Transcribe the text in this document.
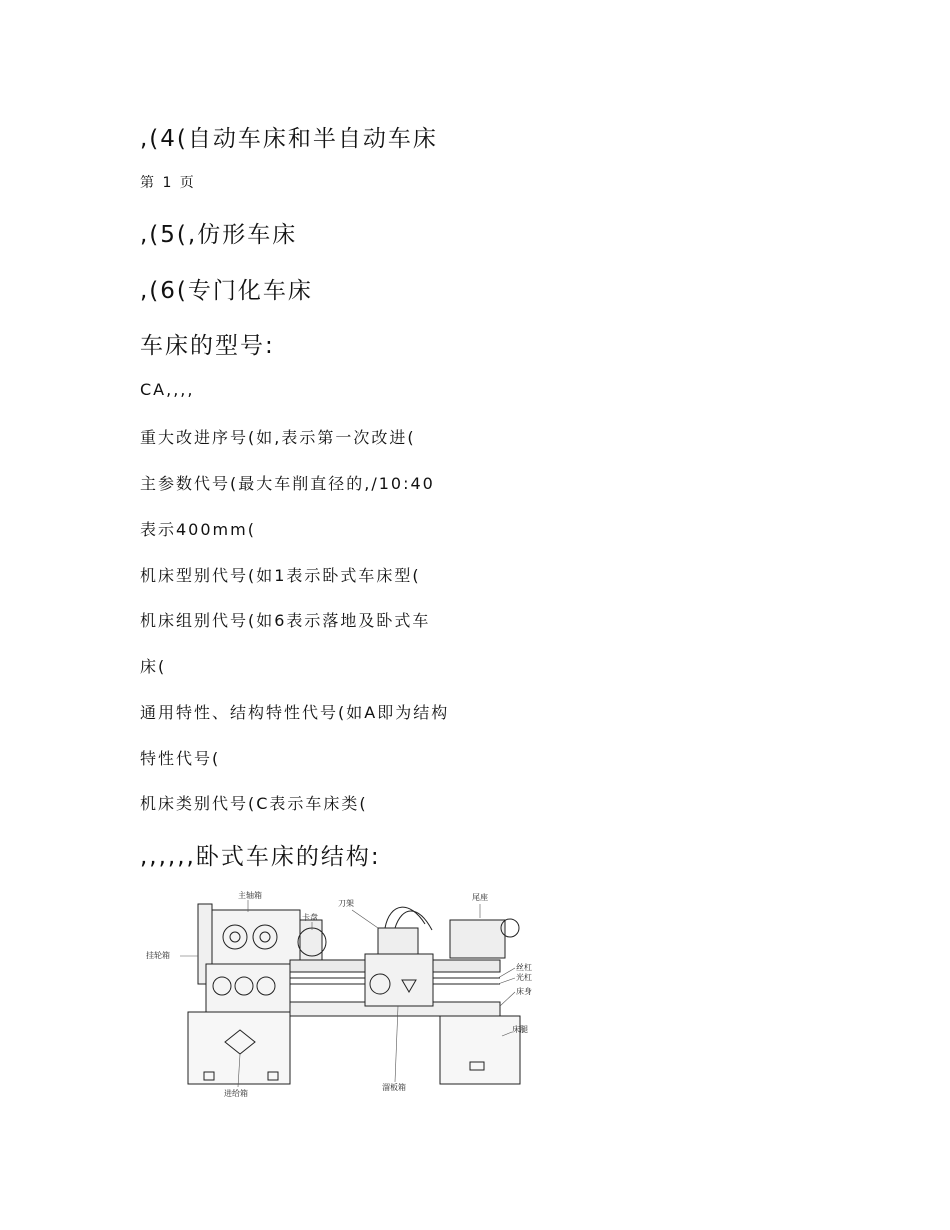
,(4(自动车床和半自动车床
第 1 页
,(5(,仿形车床
,(6(专门化车床
车床的型号:
CA,,,,
重大改进序号(如,表示第一次改进(
主参数代号(最大车削直径的,/10:40
表示400mm(
机床型别代号(如1表示卧式车床型(
机床组别代号(如6表示落地及卧式车
床(
通用特性、结构特性代号(如A即为结构
特性代号(
机床类别代号(C表示车床类(
,,,,,,卧式车床的结构:
主轴箱
卡盘
刀架
尾座
丝杠
光杠
床身
挂轮箱
进给箱
溜板箱
床腿
